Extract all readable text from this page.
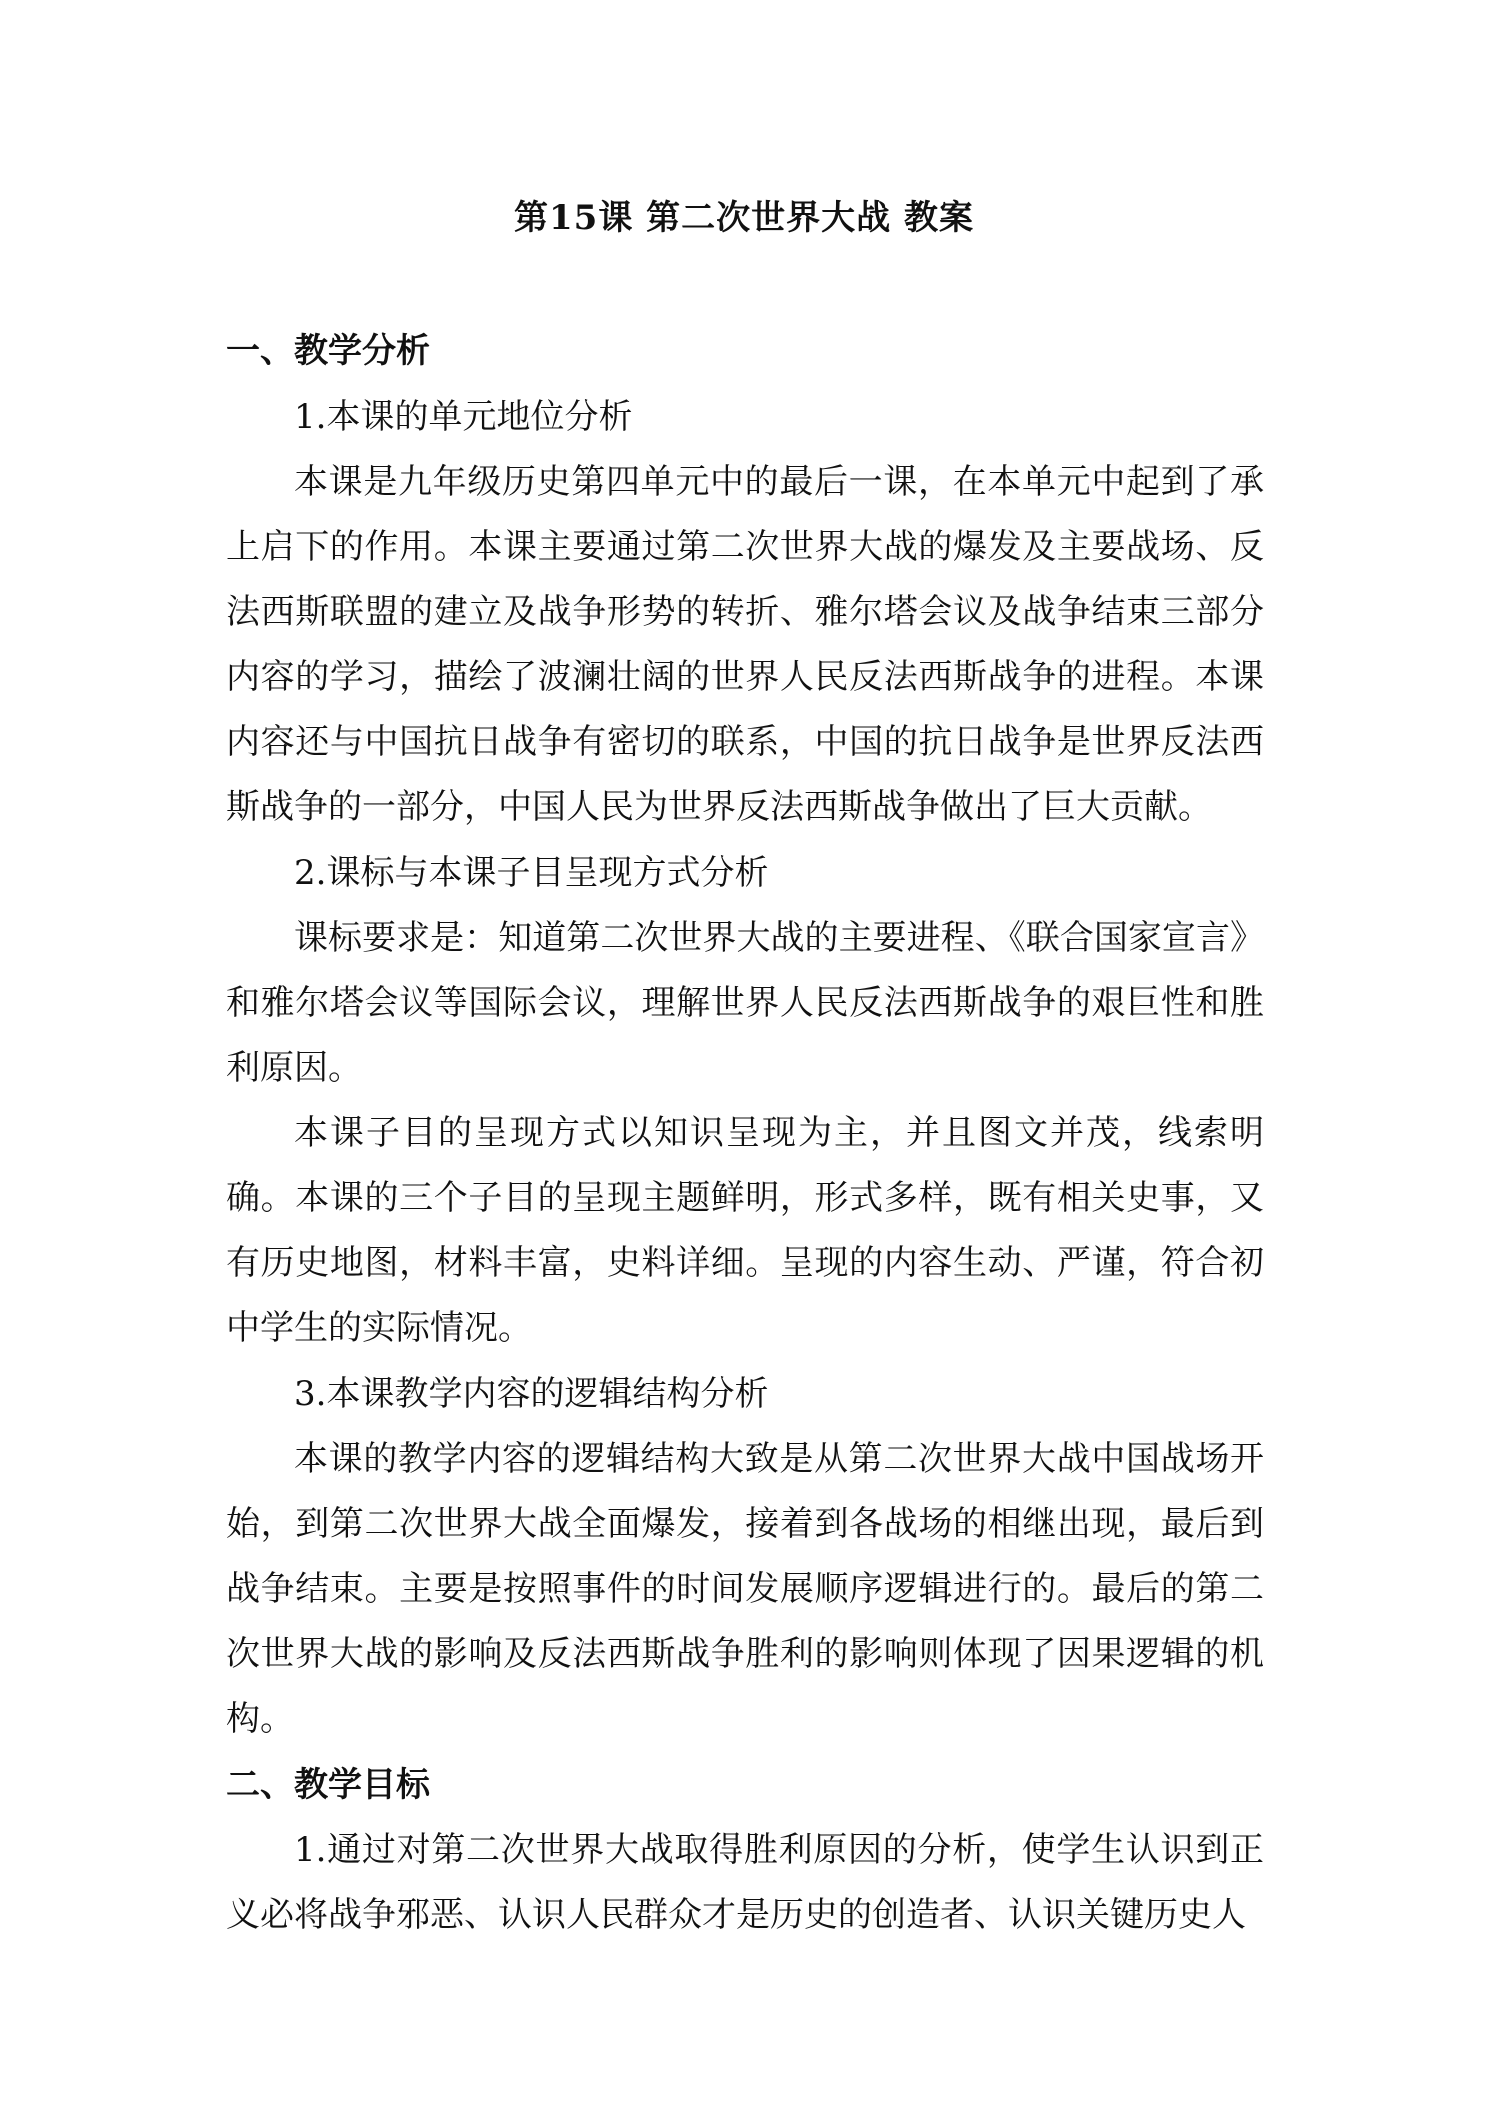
第15课 第二次世界大战 教案

一、教学分析

1.本课的单元地位分析

本课是九年级历史第四单元中的最后一课，在本单元中起到了承上启下的作用。本课主要通过第二次世界大战的爆发及主要战场、反法西斯联盟的建立及战争形势的转折、雅尔塔会议及战争结束三部分内容的学习，描绘了波澜壮阔的世界人民反法西斯战争的进程。本课内容还与中国抗日战争有密切的联系，中国的抗日战争是世界反法西斯战争的一部分，中国人民为世界反法西斯战争做出了巨大贡献。

2.课标与本课子目呈现方式分析

课标要求是：知道第二次世界大战的主要进程、《联合国家宣言》和雅尔塔会议等国际会议，理解世界人民反法西斯战争的艰巨性和胜利原因。

本课子目的呈现方式以知识呈现为主，并且图文并茂，线索明确。本课的三个子目的呈现主题鲜明，形式多样，既有相关史事，又有历史地图，材料丰富，史料详细。呈现的内容生动、严谨，符合初中学生的实际情况。

3.本课教学内容的逻辑结构分析

本课的教学内容的逻辑结构大致是从第二次世界大战中国战场开始，到第二次世界大战全面爆发，接着到各战场的相继出现，最后到战争结束。主要是按照事件的时间发展顺序逻辑进行的。最后的第二次世界大战的影响及反法西斯战争胜利的影响则体现了因果逻辑的机构。

二、教学目标

1.通过对第二次世界大战取得胜利原因的分析，使学生认识到正义必将战争邪恶、认识人民群众才是历史的创造者、认识关键历史人
